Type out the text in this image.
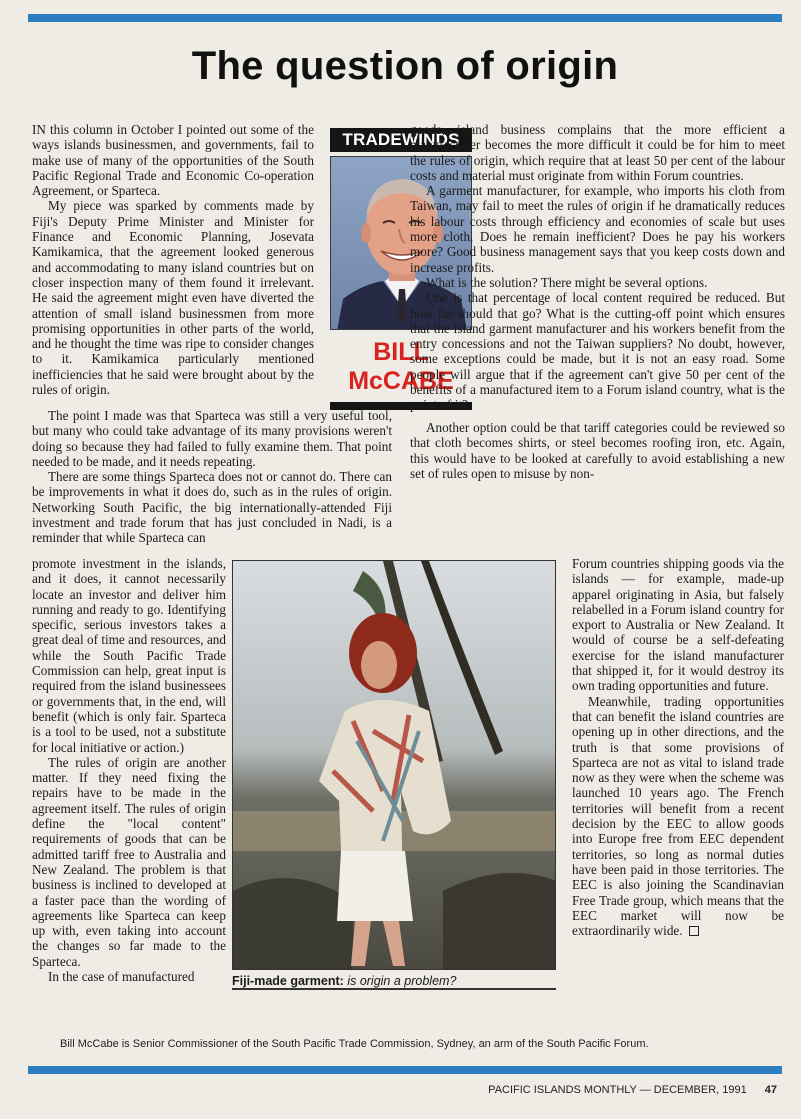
The question of origin

IN this column in October I pointed out some of the ways islands businessmen, and governments, fail to make use of many of the opportunities of the South Pacific Regional Trade and Economic Co-operation Agreement, or Sparteca.

My piece was sparked by comments made by Fiji's Deputy Prime Minister and Minister for Finance and Economic Planning, Josevata Kamikamica, that the agreement looked generous and accommodating to many island countries but on closer inspection many of them found it irrelevant. He said the agreement might even have diverted the attention of small island businessmen from more promising opportunities in other parts of the world, and he thought the time was ripe to consider changes to it. Kamikamica particularly mentioned inefficiencies that he said were brought about by the rules of origin.

TRADEWINDS
BILL
McCABE

goods, island business complains that the more efficient a manufacturer becomes the more difficult it could be for him to meet the rules of origin, which require that at least 50 per cent of the labour costs and material must originate from within Forum countries.

A garment manufacturer, for example, who imports his cloth from Taiwan, may fail to meet the rules of origin if he dramatically reduces his labour costs through efficiency and economies of scale but uses more cloth. Does he remain inefficient? Does he pay his workers more? Good business management says that you keep costs down and increase profits.

What is the solution? There might be several options.

One is that percentage of local content required be reduced. But how far should that go? What is the cutting-off point which ensures that the island garment manufacturer and his workers benefit from the entry concessions and not the Taiwan suppliers? No doubt, however, some exceptions could be made, but it is not an easy road. Some people will argue that if the agreement can't give 50 per cent of the benefits of a manufactured item to a Forum island country, what is the point of it?

The point I made was that Sparteca was still a very useful tool, but many who could take advantage of its many provisions weren't doing so because they had failed to fully examine them. That point needed to be made, and it needs repeating.

There are some things Sparteca does not or cannot do. There can be improvements in what it does do, such as in the rules of origin. Networking South Pacific, the big internationally-attended Fiji investment and trade forum that has just concluded in Nadi, is a reminder that while Sparteca can

Another option could be that tariff categories could be reviewed so that cloth becomes shirts, or steel becomes roofing iron, etc. Again, this would have to be looked at carefully to avoid establishing a new set of rules open to misuse by non-

promote investment in the islands, and it does, it cannot necessarily locate an investor and deliver him running and ready to go. Identifying specific, serious investors takes a great deal of time and resources, and while the South Pacific Trade Commission can help, great input is required from the island businessees or governments that, in the end, will benefit (which is only fair. Sparteca is a tool to be used, not a substitute for local initiative or action.)

The rules of origin are another matter. If they need fixing the repairs have to be made in the agreement itself. The rules of origin define the "local content" requirements of goods that can be admitted tariff free to Australia and New Zealand. The problem is that business is inclined to developed at a faster pace than the wording of agreements like Sparteca can keep up with, even taking into account the changes so far made to the Sparteca.

In the case of manufactured	Fiji-made garment: is origin a problem?

Forum countries shipping goods via the islands — for example, made-up apparel originating in Asia, but falsely relabelled in a Forum island country for export to Australia or New Zealand. It would of course be a self-defeating exercise for the island manufacturer that shipped it, for it would destroy its own trading opportunities and future.

Meanwhile, trading opportunities that can benefit the island countries are opening up in other directions, and the truth is that some provisions of Sparteca are not as vital to island trade now as they were when the scheme was launched 10 years ago. The French territories will benefit from a recent decision by the EEC to allow goods into Europe free from EEC dependent territories, so long as normal duties have been paid in those territories. The EEC is also joining the Scandinavian Free Trade group, which means that the EEC market will now be extraordinarily wide.

Bill McCabe is Senior Commissioner of the South Pacific Trade Commission, Sydney, an arm of the South Pacific Forum.
PACIFIC ISLANDS MONTHLY — DECEMBER, 1991 47
